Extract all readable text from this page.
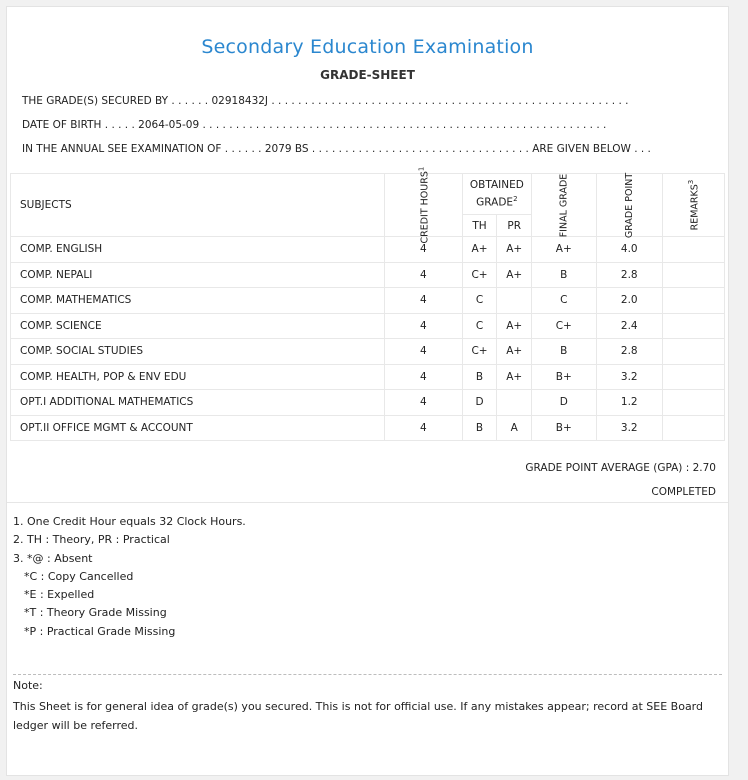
Secondary Education Examination
GRADE-SHEET
THE GRADE(S) SECURED BY . . . . . . 02918432J . . . . . . . . . . . . . . . . . . . . . . . . . . . . . . . . . . . . . . . . . . . . . . . . . . . . . .
DATE OF BIRTH . . . . . 2064-05-09 . . . . . . . . . . . . . . . . . . . . . . . . . . . . . . . . . . . . . . . . . . . . . . . . . . . . . . . . . . . . .
IN THE ANNUAL SEE EXAMINATION OF . . . . . . 2079 BS . . . . . . . . . . . . . . . . . . . . . . . . . . . . . . . . . ARE GIVEN BELOW . . .
SUBJECTS	CREDIT HOURS$^1$	OBTAINED GRADE$^2$		FINAL GRADE	GRADE POINT	REMARKS$^3$
		TH	PR			
COMP. ENGLISH	4	A+	A+	A+	4.0	
COMP. NEPALI	4	C+	A+	B	2.8	
COMP. MATHEMATICS	4	C		C	2.0	
COMP. SCIENCE	4	C	A+	C+	2.4	
COMP. SOCIAL STUDIES	4	C+	A+	B	2.8	
COMP. HEALTH, POP & ENV EDU	4	B	A+	B+	3.2	
OPT.I ADDITIONAL MATHEMATICS	4	D		D	1.2	
OPT.II OFFICE MGMT & ACCOUNT	4	B	A	B+	3.2	
GRADE POINT AVERAGE (GPA) : 2.70
COMPLETED
1. One Credit Hour equals 32 Clock Hours.
2. TH : Theory, PR : Practical
3. *@ : Absent
*C : Copy Cancelled
*E : Expelled
*T : Theory Grade Missing
*P : Practical Grade Missing
Note:
This Sheet is for general idea of grade(s) you secured. This is not for official use. If any mistakes appear; record at SEE Board ledger will be referred.
